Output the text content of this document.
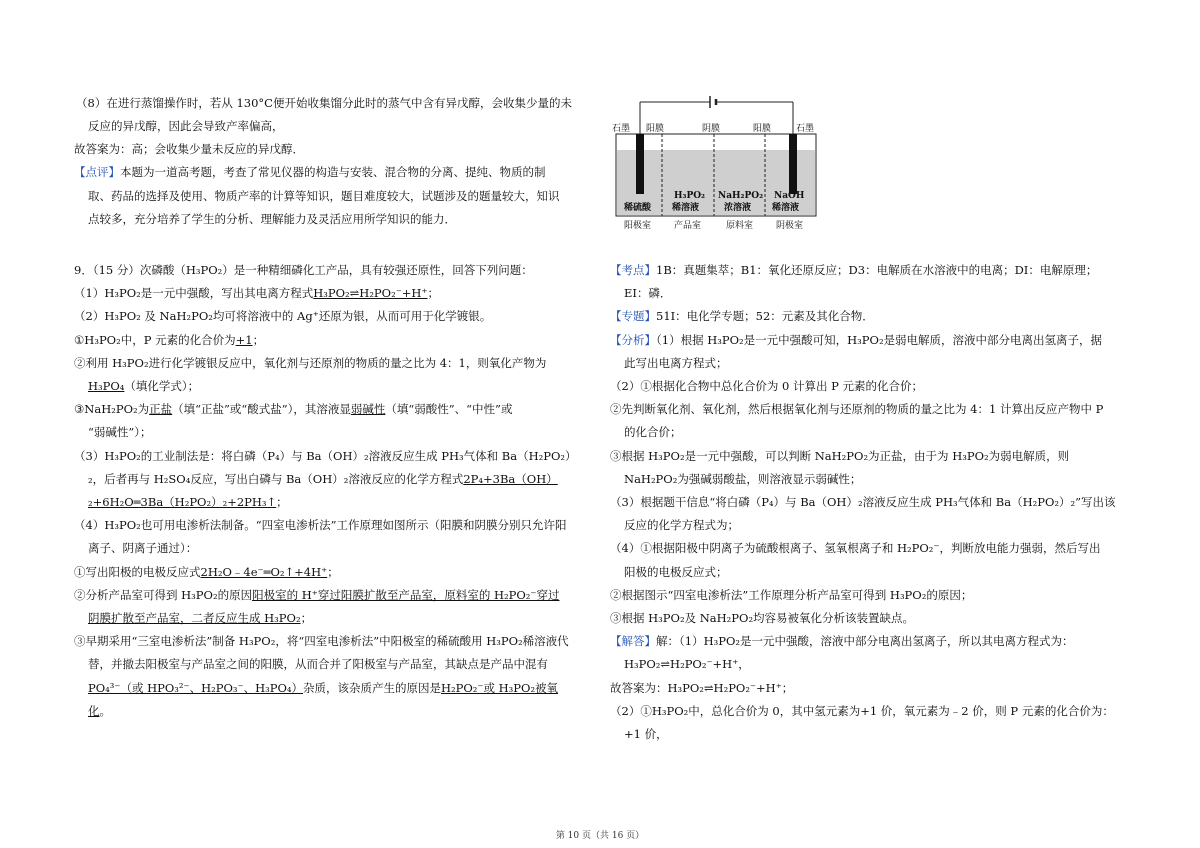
（8）在进行蒸馏操作时，若从 130°C便开始收集馏分此时的蒸气中含有异戊醇，会收集少量的未
反应的异戊醇，因此会导致产率偏高，
故答案为：高；会收集少量未反应的异戊醇．
【点评】本题为一道高考题，考查了常见仪器的构造与安装、混合物的分离、提纯、物质的制
取、药品的选择及使用、物质产率的计算等知识，题目难度较大，试题涉及的题量较大，知识
点较多，充分培养了学生的分析、理解能力及灵活应用所学知识的能力．
9．（15 分）次磷酸（H₃PO₂）是一种精细磷化工产品，具有较强还原性，回答下列问题：
（1）H₃PO₂是一元中强酸，写出其电离方程式H₃PO₂⇌H₂PO₂⁻+H⁺；
（2）H₃PO₂ 及 NaH₂PO₂均可将溶液中的 Ag⁺还原为银，从而可用于化学镀银。
①H₃PO₂中，P 元素的化合价为+1；
②利用 H₃PO₂进行化学镀银反应中，氧化剂与还原剂的物质的量之比为 4：1，则氧化产物为
H₃PO₄（填化学式）；
③NaH₂PO₂为正盐（填“正盐”或“酸式盐”），其溶液显弱碱性（填“弱酸性”、“中性”或
“弱碱性”）；
（3）H₃PO₂的工业制法是：将白磷（P₄）与 Ba（OH）₂溶液反应生成 PH₃气体和 Ba（H₂PO₂）
₂，后者再与 H₂SO₄反应，写出白磷与 Ba（OH）₂溶液反应的化学方程式2P₄+3Ba（OH）
₂+6H₂O═3Ba（H₂PO₂）₂+2PH₃↑；
（4）H₃PO₂也可用电渗析法制备。“四室电渗析法”工作原理如图所示（阳膜和阴膜分别只允许阳
离子、阴离子通过）：
①写出阳极的电极反应式2H₂O﹣4e⁻═O₂↑+4H⁺；
②分析产品室可得到 H₃PO₂的原因阳极室的 H⁺穿过阳膜扩散至产品室，原料室的 H₂PO₂⁻穿过
阴膜扩散至产品室，二者反应生成 H₃PO₂；
③早期采用“三室电渗析法”制备 H₃PO₂，将“四室电渗析法”中阳极室的稀硫酸用 H₃PO₂稀溶液代
替，并撤去阳极室与产品室之间的阳膜，从而合并了阳极室与产品室，其缺点是产品中混有
PO₄³⁻（或 HPO₃²⁻、H₂PO₃⁻、H₃PO₄）杂质，该杂质产生的原因是H₂PO₂⁻或 H₃PO₂被氧
化。
石墨 阳膜	阴膜	阳膜	石墨
稀硫酸
H₃PO₂
稀溶液
NaH₂PO₂
浓溶液
NaOH
稀溶液
阳极室	产品室	原料室	阴极室
【考点】1B：真题集萃；B1：氧化还原反应；D3：电解质在水溶液中的电离；DI：电解原理；
EI：磷．
【专题】51I：电化学专题；52：元素及其化合物．
【分析】（1）根据 H₃PO₂是一元中强酸可知，H₃PO₂是弱电解质，溶液中部分电离出氢离子，据
此写出电离方程式；
（2）①根据化合物中总化合价为 0 计算出 P 元素的化合价；
②先判断氧化剂、氧化剂，然后根据氧化剂与还原剂的物质的量之比为 4：1 计算出反应产物中 P
的化合价；
③根据 H₃PO₂是一元中强酸，可以判断 NaH₂PO₂为正盐，由于为 H₃PO₂为弱电解质，则
NaH₂PO₂为强碱弱酸盐，则溶液显示弱碱性；
（3）根据题干信息“将白磷（P₄）与 Ba（OH）₂溶液反应生成 PH₃气体和 Ba（H₂PO₂）₂”写出该
反应的化学方程式为；
（4）①根据阳极中阴离子为硫酸根离子、氢氧根离子和 H₂PO₂⁻，判断放电能力强弱，然后写出
阳极的电极反应式；
②根据图示“四室电渗析法”工作原理分析产品室可得到 H₃PO₂的原因；
③根据 H₃PO₂及 NaH₂PO₂均容易被氧化分析该装置缺点。
【解答】解：（1）H₃PO₂是一元中强酸，溶液中部分电离出氢离子，所以其电离方程式为：
H₃PO₂⇌H₂PO₂⁻+H⁺，
故答案为：H₃PO₂⇌H₂PO₂⁻+H⁺；
（2）①H₃PO₂中，总化合价为 0，其中氢元素为+1 价，氧元素为﹣2 价，则 P 元素的化合价为：
+1 价，
第 10 页（共 16 页）
